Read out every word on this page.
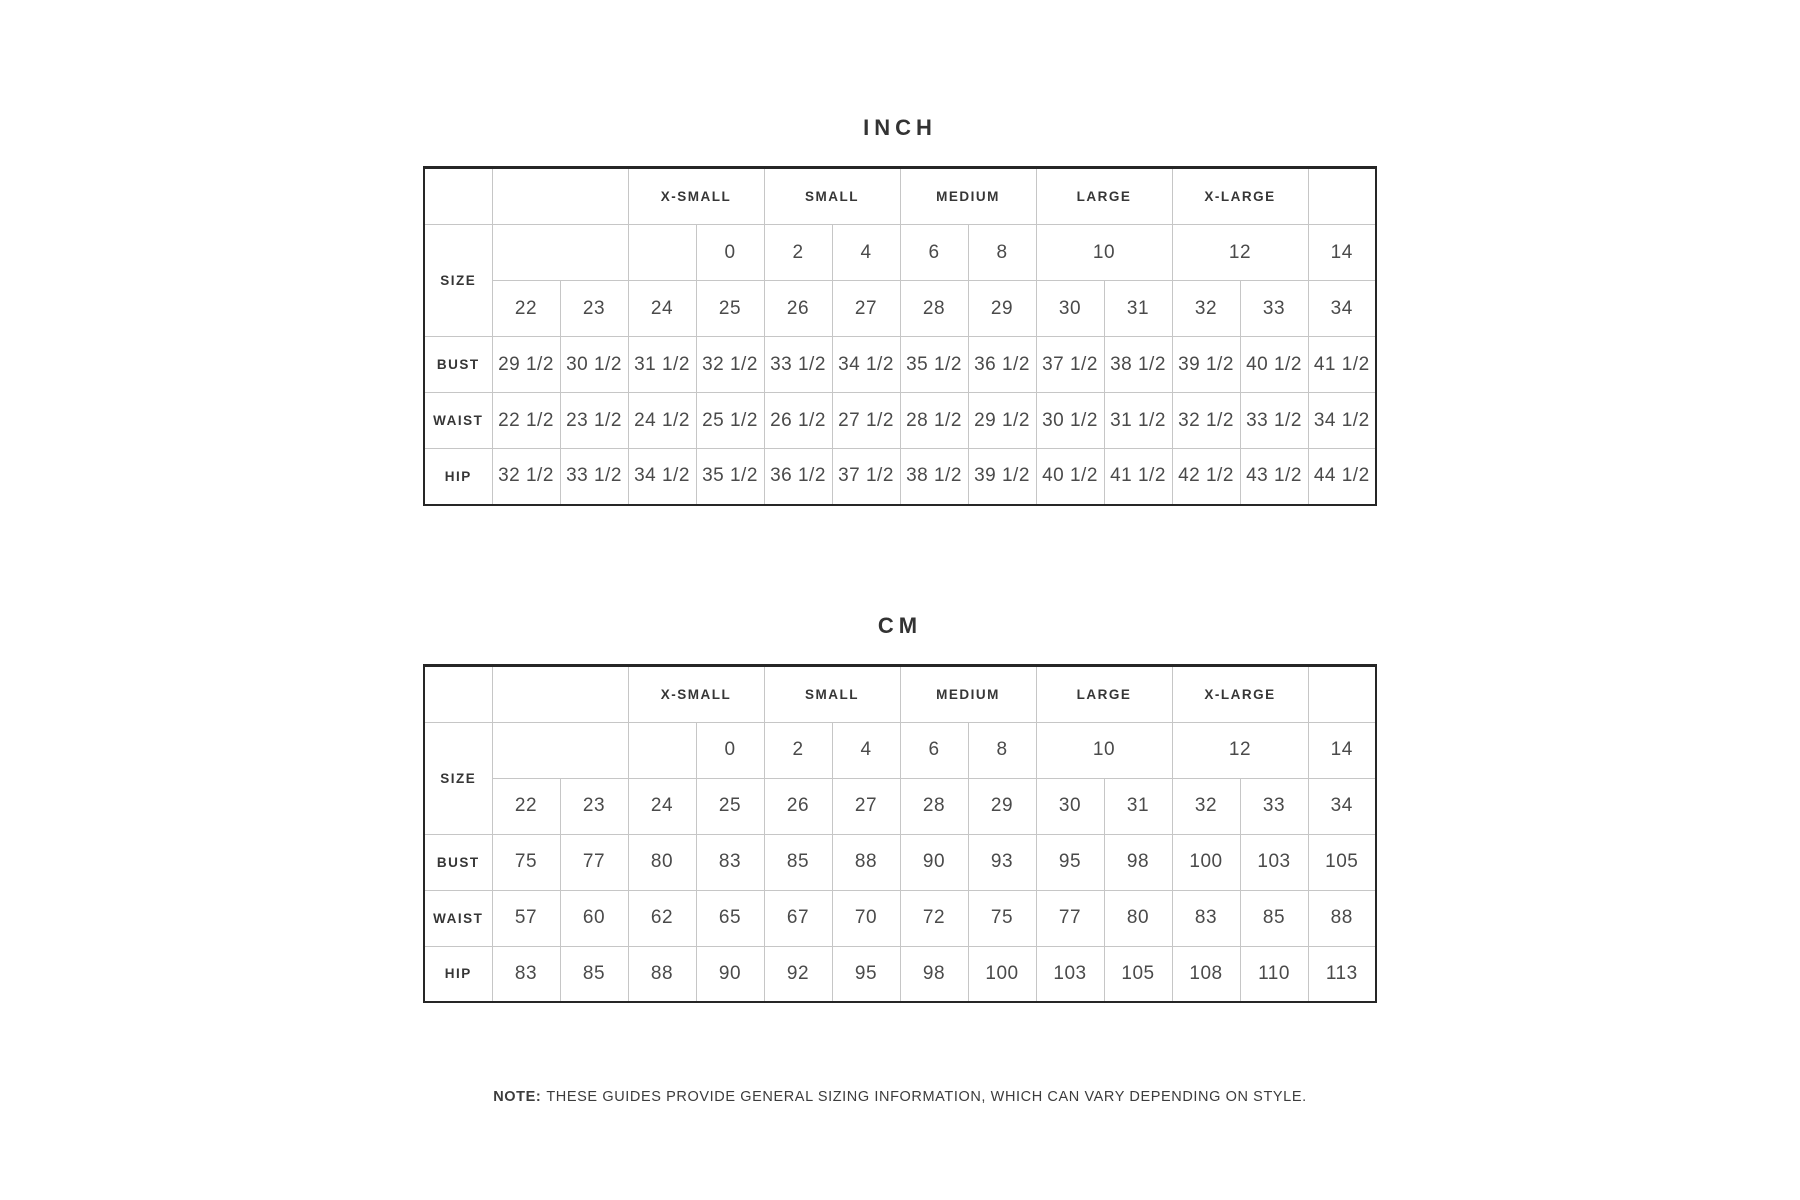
INCH
			X-SMALL		SMALL		MEDIUM		LARGE		X-LARGE		
SIZE				0	2	4	6	8	10		12		14
	22	23	24	25	26	27	28	29	30	31	32	33	34
BUST	29 1/2	30 1/2	31 1/2	32 1/2	33 1/2	34 1/2	35 1/2	36 1/2	37 1/2	38 1/2	39 1/2	40 1/2	41 1/2
WAIST	22 1/2	23 1/2	24 1/2	25 1/2	26 1/2	27 1/2	28 1/2	29 1/2	30 1/2	31 1/2	32 1/2	33 1/2	34 1/2
HIP	32 1/2	33 1/2	34 1/2	35 1/2	36 1/2	37 1/2	38 1/2	39 1/2	40 1/2	41 1/2	42 1/2	43 1/2	44 1/2
CM
			X-SMALL		SMALL		MEDIUM		LARGE		X-LARGE		
SIZE				0	2	4	6	8	10		12		14
	22	23	24	25	26	27	28	29	30	31	32	33	34
BUST	75	77	80	83	85	88	90	93	95	98	100	103	105
WAIST	57	60	62	65	67	70	72	75	77	80	83	85	88
HIP	83	85	88	90	92	95	98	100	103	105	108	110	113

NOTE: THESE GUIDES PROVIDE GENERAL SIZING INFORMATION, WHICH CAN VARY DEPENDING ON STYLE.
